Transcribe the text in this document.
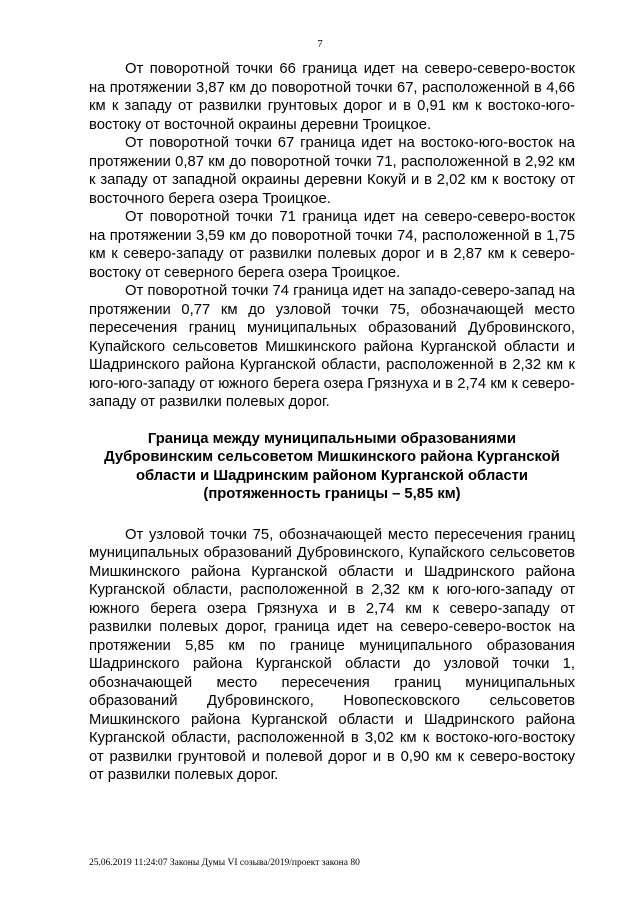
7

От поворотной точки 66 граница идет на северо-северо-восток на протяжении 3,87 км до поворотной точки 67, расположенной в 4,66 км к западу от развилки грунтовых дорог и в 0,91 км к востоко-юго-востоку от восточной окраины деревни Троицкое.

От поворотной точки 67 граница идет на востоко-юго-восток на протяжении 0,87 км до поворотной точки 71, расположенной в 2,92 км к западу от западной окраины деревни Кокуй и в 2,02 км к востоку от восточного берега озера Троицкое.

От поворотной точки 71 граница идет на северо-северо-восток на протяжении 3,59 км до поворотной точки 74, расположенной в 1,75 км к северо-западу от развилки полевых дорог и в 2,87 км к северо-востоку от северного берега озера Троицкое.

От поворотной точки 74 граница идет на западо-северо-запад на протяжении 0,77 км до узловой точки 75, обозначающей место пересечения границ муниципальных образований Дубровинского, Купайского сельсоветов Мишкинского района Курганской области и Шадринского района Курганской области, расположенной в 2,32 км к юго-юго-западу от южного берега озера Грязнуха и в 2,74 км к северо-западу от развилки полевых дорог.

Граница между муниципальными образованиями
Дубровинским сельсоветом Мишкинского района Курганской
области и Шадринским районом Курганской области
(протяженность границы – 5,85 км)

От узловой точки 75, обозначающей место пересечения границ муниципальных образований Дубровинского, Купайского сельсоветов Мишкинского района Курганской области и Шадринского района Курганской области, расположенной в 2,32 км к юго-юго-западу от южного берега озера Грязнуха и в 2,74 км к северо-западу от развилки полевых дорог, граница идет на северо-северо-восток на протяжении 5,85 км по границе муниципального образования Шадринского района Курганской области до узловой точки 1, обозначающей место пересечения границ муниципальных образований Дубровинского, Новопесковского сельсоветов Мишкинского района Курганской области и Шадринского района Курганской области, расположенной в 3,02 км к востоко-юго-востоку от развилки грунтовой и полевой дорог и в 0,90 км к северо-востоку от развилки полевых дорог.

25.06.2019 11:24:07 Законы Думы VI созыва/2019/проект закона 80
